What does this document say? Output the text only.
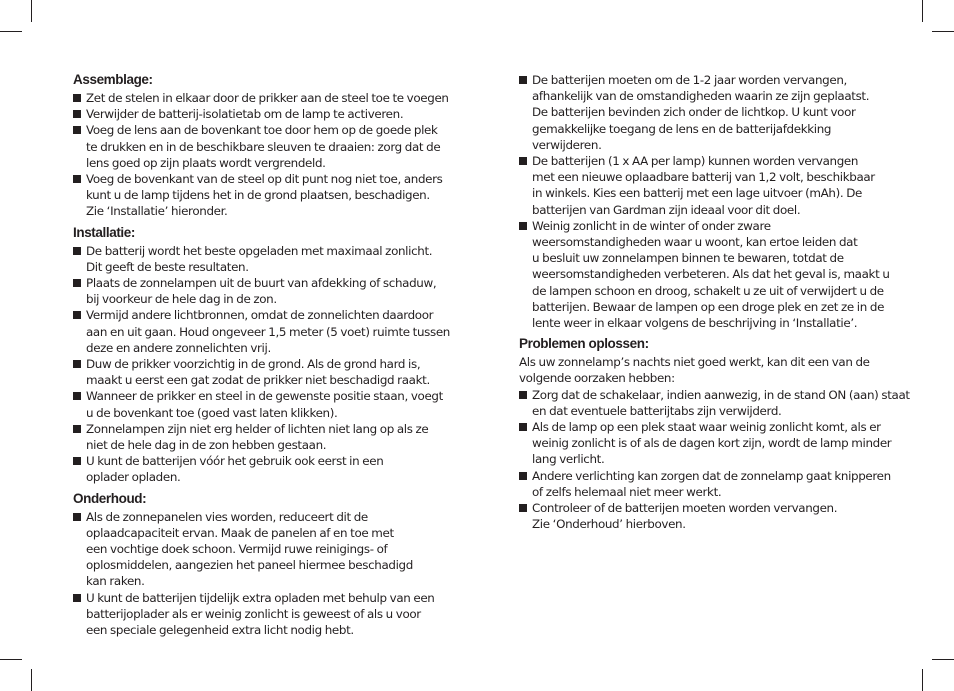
Assemblage:
Zet de stelen in elkaar door de prikker aan de steel toe te voegen
Verwijder de batterij-isolatietab om de lamp te activeren.
Voeg de lens aan de bovenkant toe door hem op de goede plek
te drukken en in de beschikbare sleuven te draaien: zorg dat de
lens goed op zijn plaats wordt vergrendeld.
Voeg de bovenkant van de steel op dit punt nog niet toe, anders
kunt u de lamp tijdens het in de grond plaatsen, beschadigen.
Zie ‘Installatie’ hieronder.
Installatie:
De batterij wordt het beste opgeladen met maximaal zonlicht.
Dit geeft de beste resultaten.
Plaats de zonnelampen uit de buurt van afdekking of schaduw,
bij voorkeur de hele dag in de zon.
Vermijd andere lichtbronnen, omdat de zonnelichten daardoor
aan en uit gaan. Houd ongeveer 1,5 meter (5 voet) ruimte tussen
deze en andere zonnelichten vrij.
Duw de prikker voorzichtig in de grond. Als de grond hard is,
maakt u eerst een gat zodat de prikker niet beschadigd raakt.
Wanneer de prikker en steel in de gewenste positie staan, voegt
u de bovenkant toe (goed vast laten klikken).
Zonnelampen zijn niet erg helder of lichten niet lang op als ze
niet de hele dag in de zon hebben gestaan.
U kunt de batterijen vóór het gebruik ook eerst in een
oplader opladen.
Onderhoud:
Als de zonnepanelen vies worden, reduceert dit de
oplaadcapaciteit ervan. Maak de panelen af en toe met
een vochtige doek schoon. Vermijd ruwe reinigings- of
oplosmiddelen, aangezien het paneel hiermee beschadigd
kan raken.
U kunt de batterijen tijdelijk extra opladen met behulp van een
batterijoplader als er weinig zonlicht is geweest of als u voor
een speciale gelegenheid extra licht nodig hebt.
De batterijen moeten om de 1-2 jaar worden vervangen,
afhankelijk van de omstandigheden waarin ze zijn geplaatst.
De batterijen bevinden zich onder de lichtkop. U kunt voor
gemakkelijke toegang de lens en de batterijafdekking
verwijderen.
De batterijen (1 x AA per lamp) kunnen worden vervangen
met een nieuwe oplaadbare batterij van 1,2 volt, beschikbaar
in winkels. Kies een batterij met een lage uitvoer (mAh). De
batterijen van Gardman zijn ideaal voor dit doel.
Weinig zonlicht in de winter of onder zware
weersomstandigheden waar u woont, kan ertoe leiden dat
u besluit uw zonnelampen binnen te bewaren, totdat de
weersomstandigheden verbeteren. Als dat het geval is, maakt u
de lampen schoon en droog, schakelt u ze uit of verwijdert u de
batterijen. Bewaar de lampen op een droge plek en zet ze in de
lente weer in elkaar volgens de beschrijving in ‘Installatie’.
Problemen oplossen:
Als uw zonnelamp’s nachts niet goed werkt, kan dit een van de
volgende oorzaken hebben:
Zorg dat de schakelaar, indien aanwezig, in de stand ON (aan) staat
en dat eventuele batterijtabs zijn verwijderd.
Als de lamp op een plek staat waar weinig zonlicht komt, als er
weinig zonlicht is of als de dagen kort zijn, wordt de lamp minder
lang verlicht.
Andere verlichting kan zorgen dat de zonnelamp gaat knipperen
of zelfs helemaal niet meer werkt.
Controleer of de batterijen moeten worden vervangen.
Zie ‘Onderhoud’ hierboven.
